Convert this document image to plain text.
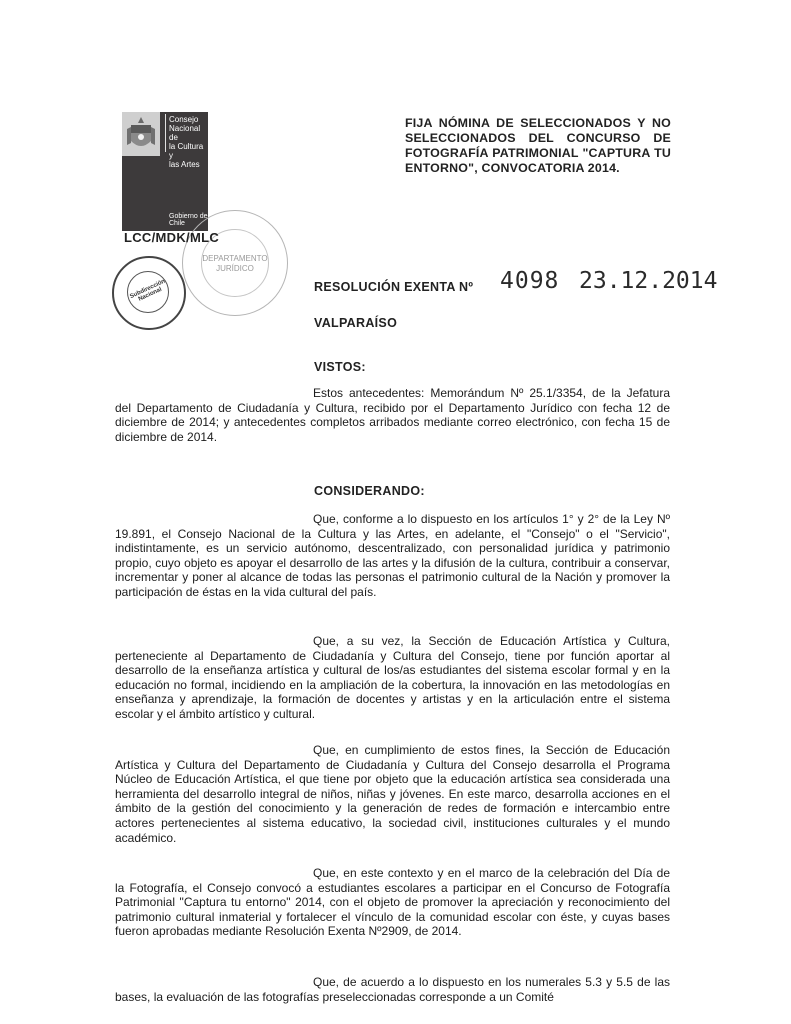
Consejo
Nacional de
la Cultura y
las Artes
Gobierno de Chile
DEPARTAMENTO
JURÍDICO
Subdirección Nacional
LCC/MDK/MLC
FIJA NÓMINA DE SELECCIONADOS Y NO SELECCIONADOS DEL CONCURSO DE FOTOGRAFÍA PATRIMONIAL "CAPTURA TU ENTORNO", CONVOCATORIA 2014.
RESOLUCIÓN EXENTA Nº 4098 23.12.2014
VALPARAÍSO
VISTOS:

Estos antecedentes: Memorándum Nº 25.1/3354, de la Jefatura del Departamento de Ciudadanía y Cultura, recibido por el Departamento Jurídico con fecha 12 de diciembre de 2014; y antecedentes completos arribados mediante correo electrónico, con fecha 15 de diciembre de 2014.

CONSIDERANDO:

Que, conforme a lo dispuesto en los artículos 1° y 2° de la Ley Nº 19.891, el Consejo Nacional de la Cultura y las Artes, en adelante, el "Consejo" o el "Servicio", indistintamente, es un servicio autónomo, descentralizado, con personalidad jurídica y patrimonio propio, cuyo objeto es apoyar el desarrollo de las artes y la difusión de la cultura, contribuir a conservar, incrementar y poner al alcance de todas las personas el patrimonio cultural de la Nación y promover la participación de éstas en la vida cultural del país.

Que, a su vez, la Sección de Educación Artística y Cultura, perteneciente al Departamento de Ciudadanía y Cultura del Consejo, tiene por función aportar al desarrollo de la enseñanza artística y cultural de los/as estudiantes del sistema escolar formal y en la educación no formal, incidiendo en la ampliación de la cobertura, la innovación en las metodologías en enseñanza y aprendizaje, la formación de docentes y artistas y en la articulación entre el sistema escolar y el ámbito artístico y cultural.

Que, en cumplimiento de estos fines, la Sección de Educación Artística y Cultura del Departamento de Ciudadanía y Cultura del Consejo desarrolla el Programa Núcleo de Educación Artística, el que tiene por objeto que la educación artística sea considerada una herramienta del desarrollo integral de niños, niñas y jóvenes. En este marco, desarrolla acciones en el ámbito de la gestión del conocimiento y la generación de redes de formación e intercambio entre actores pertenecientes al sistema educativo, la sociedad civil, instituciones culturales y el mundo académico.

Que, en este contexto y en el marco de la celebración del Día de la Fotografía, el Consejo convocó a estudiantes escolares a participar en el Concurso de Fotografía Patrimonial "Captura tu entorno" 2014, con el objeto de promover la apreciación y reconocimiento del patrimonio cultural inmaterial y fortalecer el vínculo de la comunidad escolar con éste, y cuyas bases fueron aprobadas mediante Resolución Exenta Nº2909, de 2014.

Que, de acuerdo a lo dispuesto en los numerales 5.3 y 5.5 de las bases, la evaluación de las fotografías preseleccionadas corresponde a un Comité
